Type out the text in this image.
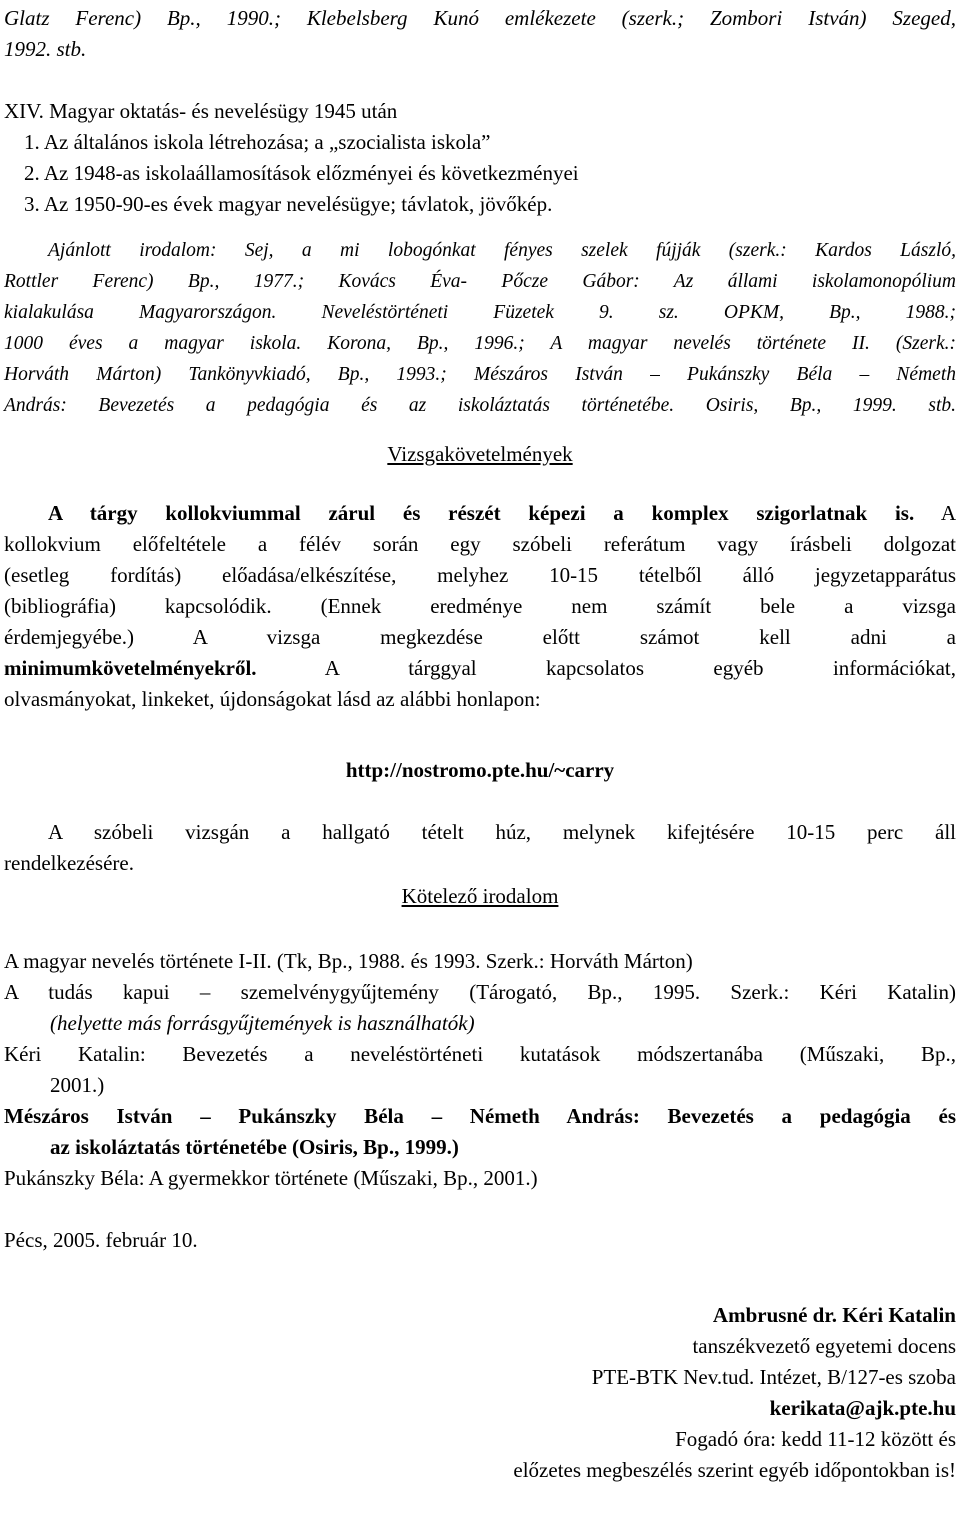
Glatz Ferenc) Bp., 1990.; Klebelsberg Kunó emlékezete (szerk.; Zombori István) Szeged,
1992. stb.
XIV. Magyar oktatás- és nevelésügy 1945 után
1. Az általános iskola létrehozása; a „szocialista iskola”
2. Az 1948-as iskolaállamosítások előzményei és következményei
3. Az 1950-90-es évek magyar nevelésügye; távlatok, jövőkép.
Ajánlott irodalom: Sej, a mi lobogónkat fényes szelek fújják (szerk.: Kardos László,
Rottler Ferenc) Bp., 1977.; Kovács Éva- Pőcze Gábor: Az állami iskolamonopólium
kialakulása Magyarországon. Neveléstörténeti Füzetek 9. sz. OPKM, Bp., 1988.;
1000 éves a magyar iskola. Korona, Bp., 1996.; A magyar nevelés története II. (Szerk.:
Horváth Márton) Tankönyvkiadó, Bp., 1993.; Mészáros István – Pukánszky Béla – Németh
András: Bevezetés a pedagógia és az iskoláztatás történetébe. Osiris, Bp., 1999. stb.
Vizsgakövetelmények
A tárgy kollokviummal zárul és részét képezi a komplex szigorlatnak is. A
kollokvium előfeltétele a félév során egy szóbeli referátum vagy írásbeli dolgozat
(esetleg fordítás) előadása/elkészítése, melyhez 10-15 tételből álló jegyzetapparátus
(bibliográfia) kapcsolódik. (Ennek eredménye nem számít bele a vizsga
érdemjegyébe.) A vizsga megkezdése előtt számot kell adni a
minimumkövetelményekről. A tárggyal kapcsolatos egyéb információkat,
olvasmányokat, linkeket, újdonságokat lásd az alábbi honlapon:
http://nostromo.pte.hu/~carry
A szóbeli vizsgán a hallgató tételt húz, melynek kifejtésére 10-15 perc áll
rendelkezésére.
Kötelező irodalom
A magyar nevelés története I-II. (Tk, Bp., 1988. és 1993. Szerk.: Horváth Márton)
A tudás kapui – szemelvénygyűjtemény (Tárogató, Bp., 1995. Szerk.: Kéri Katalin)
(helyette más forrásgyűjtemények is használhatók)
Kéri Katalin: Bevezetés a neveléstörténeti kutatások módszertanába (Műszaki, Bp.,
2001.)
Mészáros István – Pukánszky Béla – Németh András: Bevezetés a pedagógia és
az iskoláztatás történetébe (Osiris, Bp., 1999.)
Pukánszky Béla: A gyermekkor története (Műszaki, Bp., 2001.)
Pécs, 2005. február 10.
Ambrusné dr. Kéri Katalin
tanszékvezető egyetemi docens
PTE-BTK Nev.tud. Intézet, B/127-es szoba
kerikata@ajk.pte.hu
Fogadó óra: kedd 11-12 között és
előzetes megbeszélés szerint egyéb időpontokban is!
